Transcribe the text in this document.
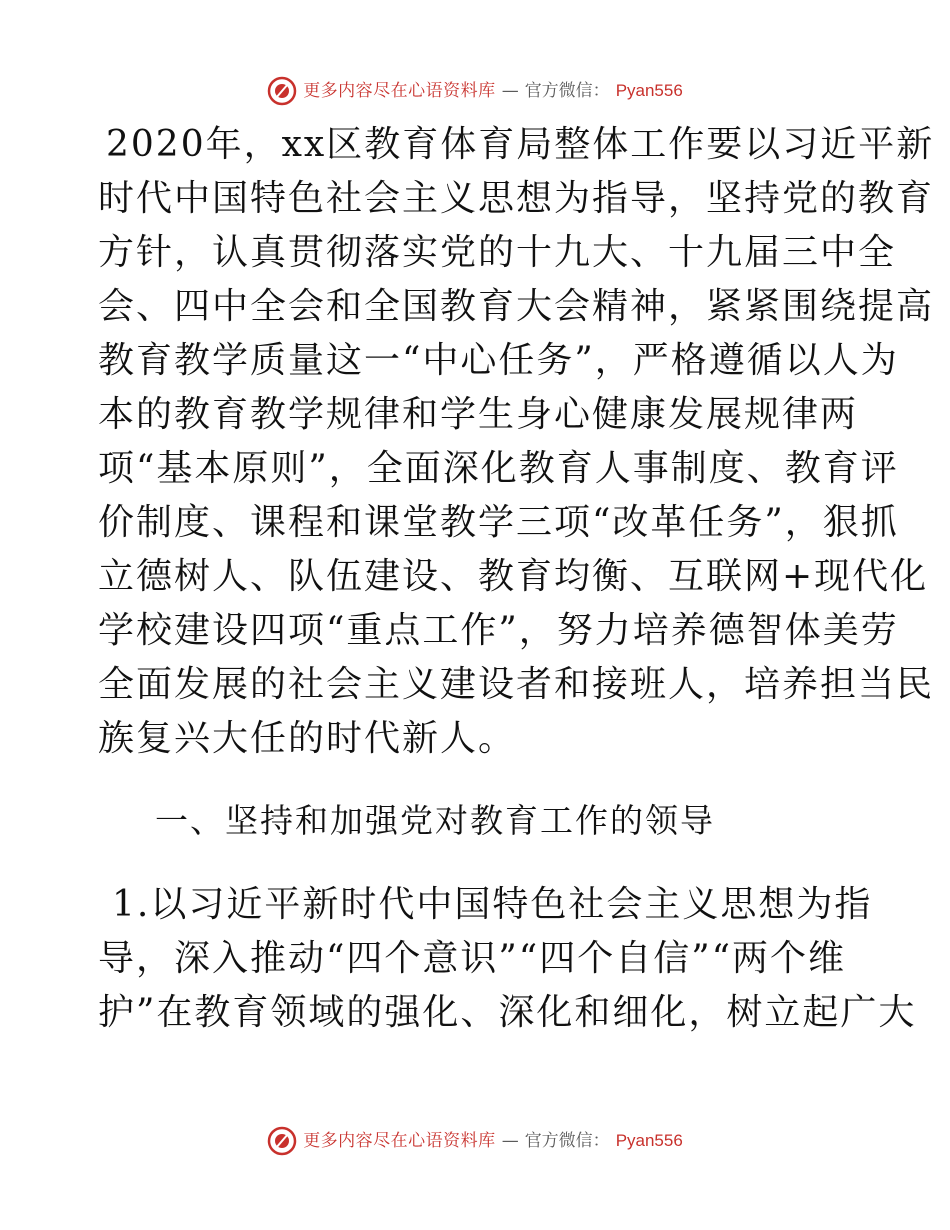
更多内容尽在心语资料库 — 官方微信： Pyan556
2020年，xx区教育体育局整体工作要以习近平新
时代中国特色社会主义思想为指导，坚持党的教育
方针，认真贯彻落实党的十九大、十九届三中全
会、四中全会和全国教育大会精神，紧紧围绕提高
教育教学质量这一“中心任务”，严格遵循以人为
本的教育教学规律和学生身心健康发展规律两
项“基本原则”，全面深化教育人事制度、教育评
价制度、课程和课堂教学三项“改革任务”，狠抓
立德树人、队伍建设、教育均衡、互联网+现代化
学校建设四项“重点工作”，努力培养德智体美劳
全面发展的社会主义建设者和接班人，培养担当民
族复兴大任的时代新人。
一、坚持和加强党对教育工作的领导
1.以习近平新时代中国特色社会主义思想为指
导，深入推动“四个意识”“四个自信”“两个维
护”在教育领域的强化、深化和细化，树立起广大
更多内容尽在心语资料库 — 官方微信： Pyan556
